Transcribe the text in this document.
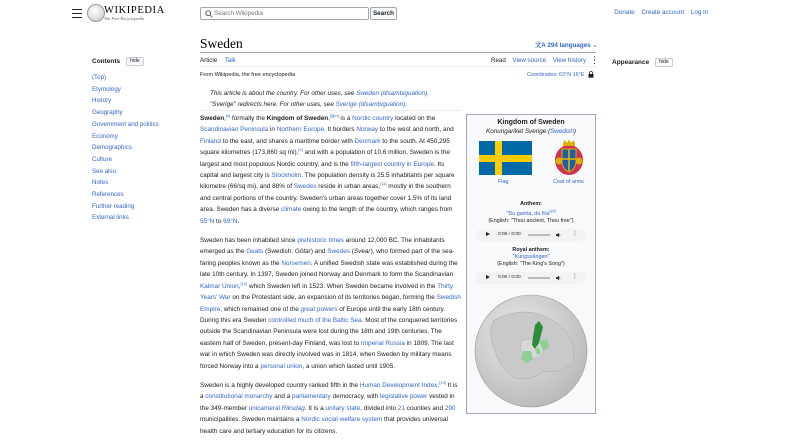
WIKIPEDIA
The Free Encyclopedia
Search Wikipedia
Search	Donate Create account Log in
Contents hide
(Top)
Etymology
History
Geography
Government and politics
Economy
Demographics
Culture
See also
Notes
References
Further reading
External links
Sweden	文A 294 languages ⌄
Article Talk	Read View source View history ⋮
From Wikipedia, the free encyclopedia	Coordinates: 63°N 16°E
This article is about the country. For other uses, see Sweden (disambiguation).
"Sverige" redirects here. For other uses, see Sverige (disambiguation).

Sweden,[k] formally the Kingdom of Sweden,[l][m] is a Nordic country located on the Scandinavian Peninsula in Northern Europe. It borders Norway to the west and north, and Finland to the east, and shares a maritime border with Denmark to the south. At 450,295 square kilometres (173,860 sq mi),[4] and with a population of 10.6 million, Sweden is the largest and most populous Nordic country, and is the fifth-largest country in Europe. Its capital and largest city is Stockholm. The population density is 25.5 inhabitants per square kilometre (66/sq mi), and 88% of Swedes reside in urban areas,[11] mostly in the southern and central portions of the country. Sweden's urban areas together cover 1.5% of its land area. Sweden has a diverse climate owing to the length of the country, which ranges from 55°N to 69°N.

Sweden has been inhabited since prehistoric times around 12,000 BC. The inhabitants emerged as the Geats (Swedish: Götar) and Swedes (Svear), who formed part of the sea-faring peoples known as the Norsemen. A unified Swedish state was established during the late 10th century. In 1397, Sweden joined Norway and Denmark to form the Scandinavian Kalmar Union,[12] which Sweden left in 1523. When Sweden became involved in the Thirty Years' War on the Protestant side, an expansion of its territories began, forming the Swedish Empire, which remained one of the great powers of Europe until the early 18th century. During this era Sweden controlled much of the Baltic Sea. Most of the conquered territories outside the Scandinavian Peninsula were lost during the 18th and 19th centuries. The eastern half of Sweden, present-day Finland, was lost to Imperial Russia in 1809. The last war in which Sweden was directly involved was in 1814, when Sweden by military means forced Norway into a personal union, a union which lasted until 1905.

Sweden is a highly developed country ranked fifth in the Human Development Index.[13] It is a constitutional monarchy and a parliamentary democracy, with legislative power vested in the 349-member unicameral Riksdag. It is a unitary state, divided into 21 counties and 290 municipalities. Sweden maintains a Nordic social welfare system that provides universal health care and tertiary education for its citizens.

Kingdom of Sweden
Konungariket Sverige (Swedish)
Flag	Coat of arms
Anthem:
"Du gamla, du fria"[a]
(English: "Thou ancient, Thou free")
0:00 / 0:00	⋮
Royal anthem:
"Kungssången"
(English: "The King's Song")
0:00 / 0:00	⋮
Appearance hide
